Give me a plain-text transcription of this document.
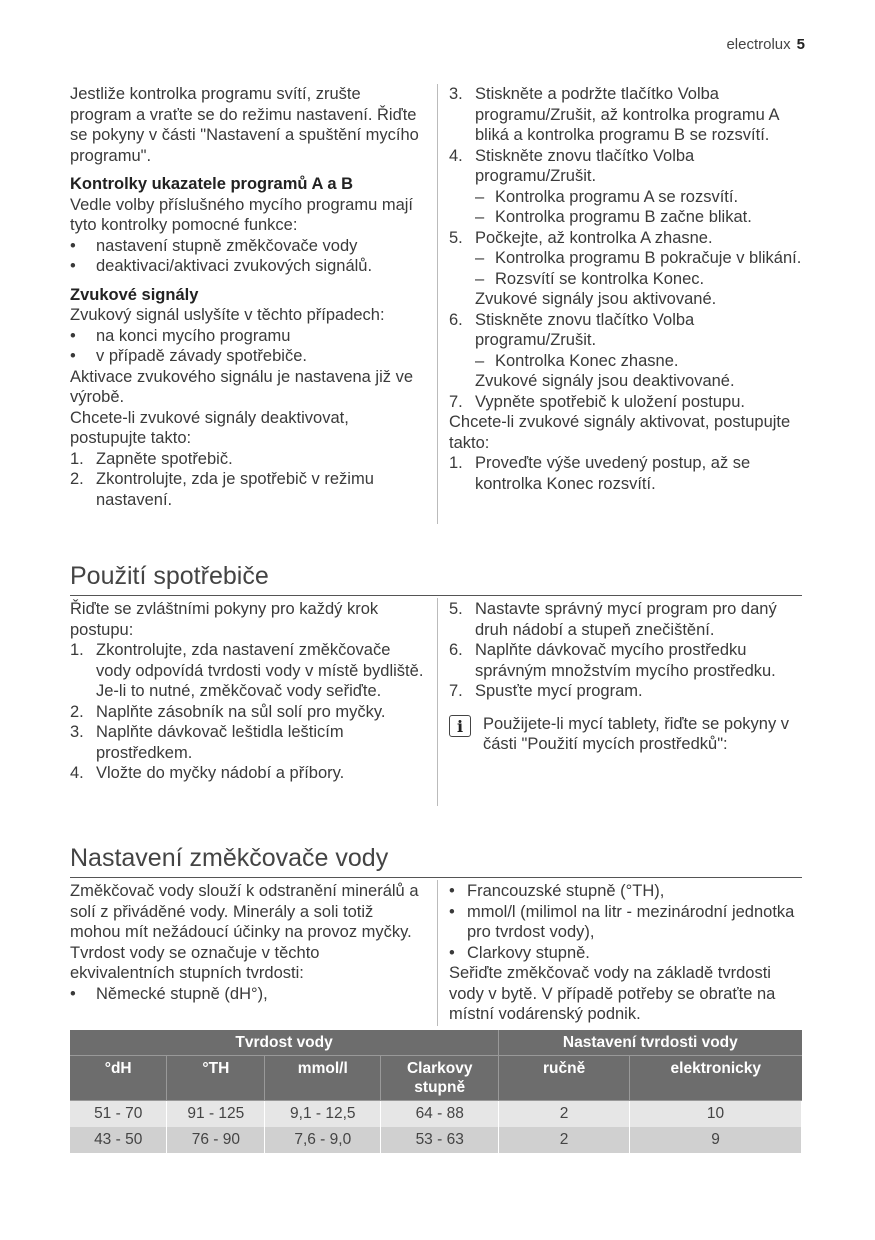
electrolux 5

Jestliže kontrolka programu svítí, zrušte program a vraťte se do režimu nastavení. Řiďte se pokyny v části "Nastavení a spuštění mycího programu".

Kontrolky ukazatele programů A a B

Vedle volby příslušného mycího programu mají tyto kontrolky pomocné funkce:

•	nastavení stupně změkčovače vody
•	deaktivaci/aktivaci zvukových signálů.

Zvukové signály

Zvukový signál uslyšíte v těchto případech:

•	na konci mycího programu
•	v případě závady spotřebiče.

Aktivace zvukového signálu je nastavena již ve výrobě.

Chcete-li zvukové signály deaktivovat, postupujte takto:

1. Zapněte spotřebič.
2. Zkontrolujte, zda je spotřebič v režimu nastavení.
3. Stiskněte a podržte tlačítko Volba programu/Zrušit, až kontrolka programu A bliká a kontrolka programu B se rozsvítí.
4. Stiskněte znovu tlačítko Volba programu/Zrušit.
– Kontrolka programu A se rozsvítí.
– Kontrolka programu B začne blikat.
5. Počkejte, až kontrolka A zhasne.
– Kontrolka programu B pokračuje v blikání.
– Rozsvítí se kontrolka Konec.

Zvukové signály jsou aktivované.

6. Stiskněte znovu tlačítko Volba programu/Zrušit.
– Kontrolka Konec zhasne.

Zvukové signály jsou deaktivované.

7. Vypněte spotřebič k uložení postupu.

Chcete-li zvukové signály aktivovat, postupujte takto:

1. Proveďte výše uvedený postup, až se kontrolka Konec rozsvítí.
Použití spotřebiče

Řiďte se zvláštními pokyny pro každý krok postupu:

1. Zkontrolujte, zda nastavení změkčovače vody odpovídá tvrdosti vody v místě bydliště. Je-li to nutné, změkčovač vody seřiďte.
2. Naplňte zásobník na sůl solí pro myčky.
3. Naplňte dávkovač leštidla lešticím prostředkem.
4. Vložte do myčky nádobí a příbory.
5. Nastavte správný mycí program pro daný druh nádobí a stupeň znečištění.
6. Naplňte dávkovač mycího prostředku správným množstvím mycího prostředku.
7. Spusťte mycí program.
i	Použijete-li mycí tablety, řiďte se pokyny v části "Použití mycích prostředků":
Nastavení změkčovače vody

Změkčovač vody slouží k odstranění minerálů a solí z přiváděné vody. Minerály a soli totiž mohou mít nežádoucí účinky na provoz myčky.

Tvrdost vody se označuje v těchto ekvivalentních stupních tvrdosti:

•	Německé stupně (dH°),
• Francouzské stupně (°TH),
• mmol/l (milimol na litr - mezinárodní jednotka pro tvrdost vody),
• Clarkovy stupně.

Seřiďte změkčovač vody na základě tvrdosti vody v bytě. V případě potřeby se obraťte na místní vodárenský podnik.

Tvrdost vody				Nastavení tvrdosti vody	
°dH	°TH	mmol/l	Clarkovy stupně	ručně	elektronicky
51 - 70	91 - 125	9,1 - 12,5	64 - 88	2	10
43 - 50	76 - 90	7,6 - 9,0	53 - 63	2	9
